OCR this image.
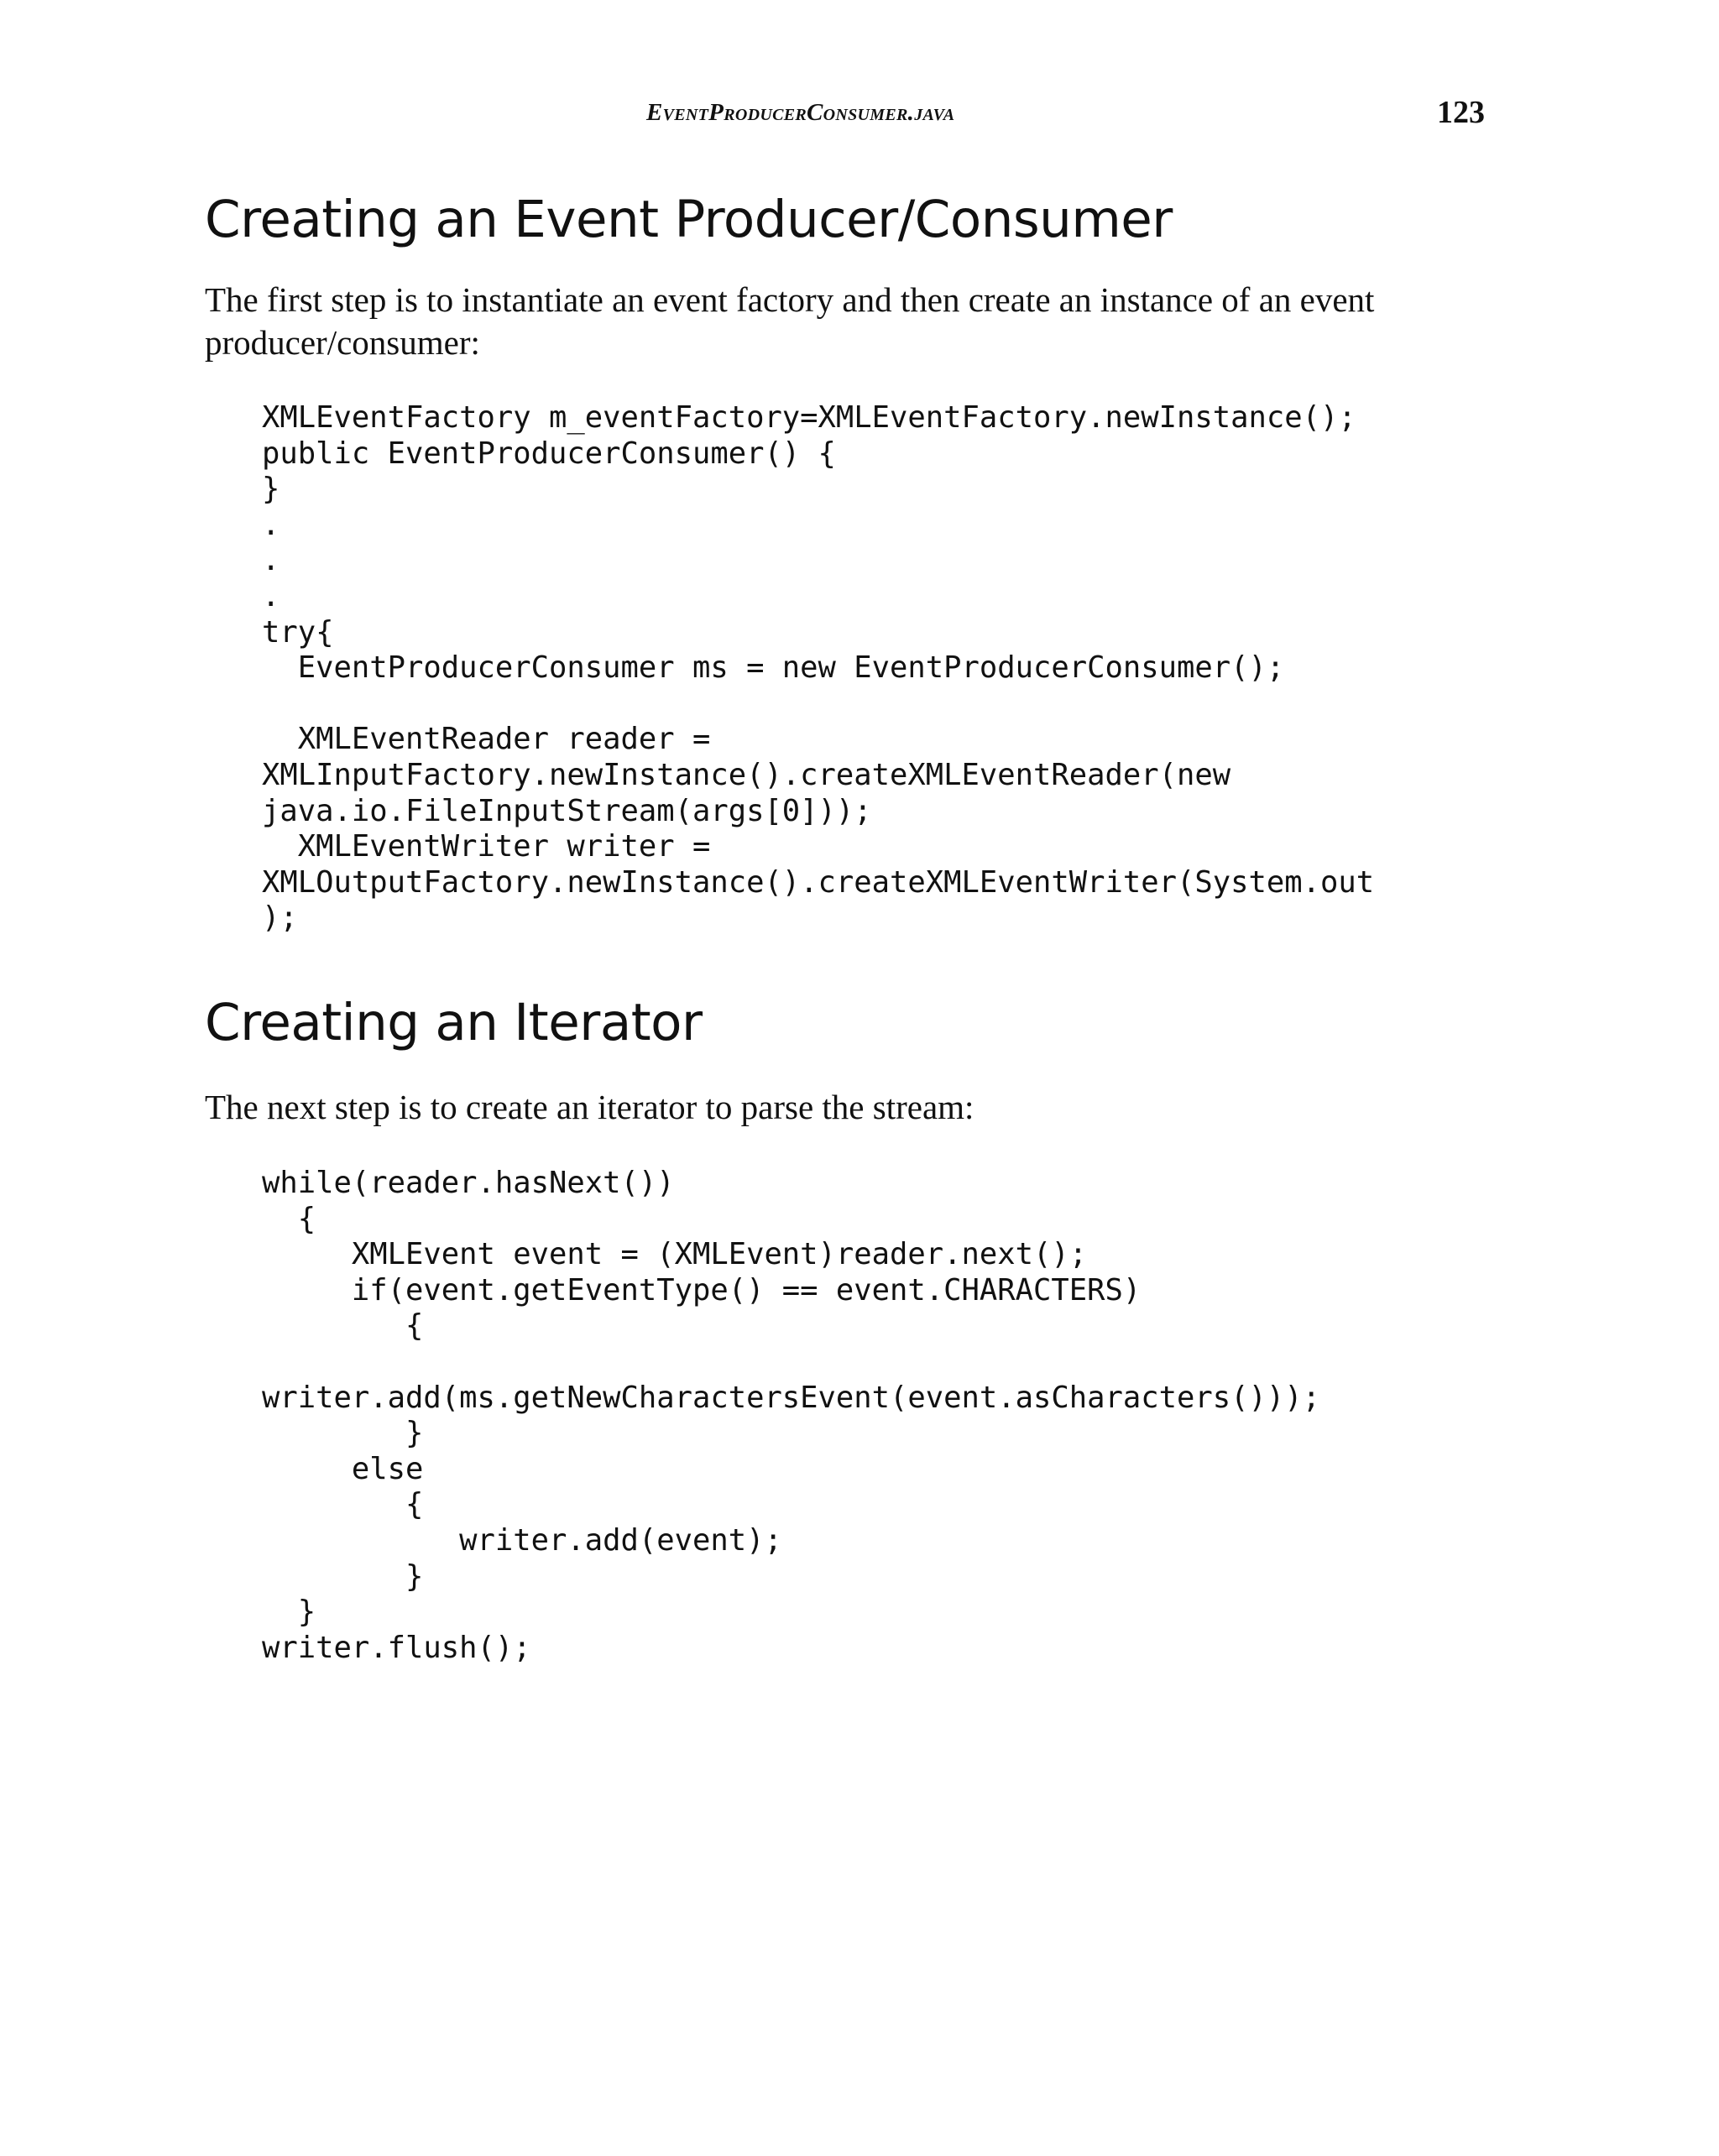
EventProducerConsumer.java	123
Creating an Event Producer/Consumer

The first step is to instantiate an event factory and then create an instance of an event producer/consumer:

XMLEventFactory m_eventFactory=XMLEventFactory.newInstance();
public EventProducerConsumer() {
}
.
.
.
try{
EventProducerConsumer ms = new EventProducerConsumer();

XMLEventReader reader =
XMLInputFactory.newInstance().createXMLEventReader(new
java.io.FileInputStream(args[0]));
XMLEventWriter writer =
XMLOutputFactory.newInstance().createXMLEventWriter(System.out
);
Creating an Iterator

The next step is to create an iterator to parse the stream:

while(reader.hasNext())
{
XMLEvent event = (XMLEvent)reader.next();
if(event.getEventType() == event.CHARACTERS)
{

writer.add(ms.getNewCharactersEvent(event.asCharacters()));
}
else
{
writer.add(event);
}
}
writer.flush();
